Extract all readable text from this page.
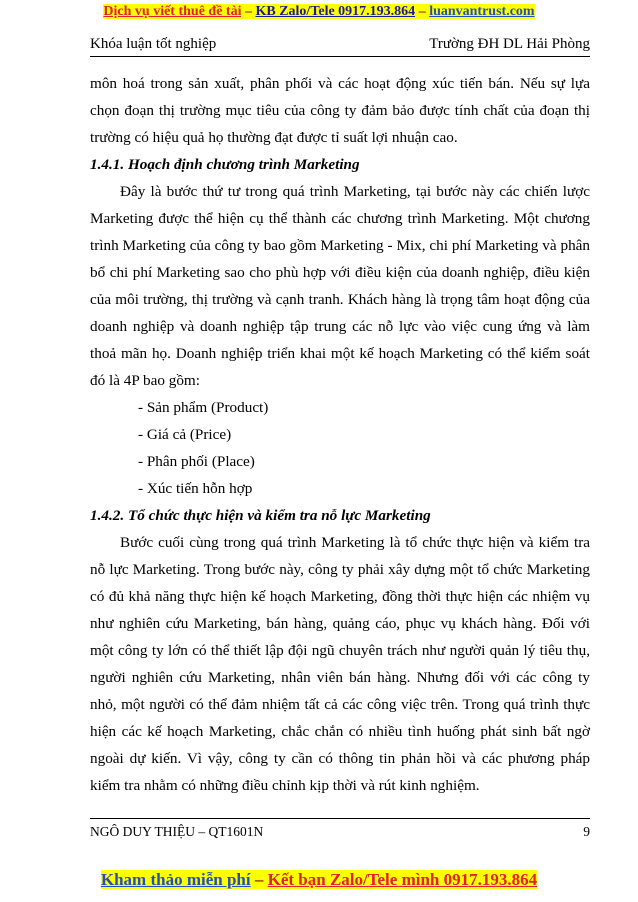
Dịch vụ viết thuê đề tài – KB Zalo/Tele 0917.193.864 – luanvantrust.com
Khóa luận tốt nghiệp	Trường ĐH DL Hải Phòng

môn hoá trong sản xuất, phân phối và các hoạt động xúc tiến bán. Nếu sự lựa chọn đoạn thị trường mục tiêu của công ty đảm bảo được tính chất của đoạn thị trường có hiệu quả họ thường đạt được tỉ suất lợi nhuận cao.

1.4.1. Hoạch định chương trình Marketing

Đây là bước thứ tư trong quá trình Marketing, tại bước này các chiến lược Marketing được thể hiện cụ thể thành các chương trình Marketing. Một chương trình Marketing của công ty bao gồm Marketing - Mix, chi phí Marketing và phân bổ chi phí Marketing sao cho phù hợp với điều kiện của doanh nghiệp, điều kiện của môi trường, thị trường và cạnh tranh. Khách hàng là trọng tâm hoạt động của doanh nghiệp và doanh nghiệp tập trung các nỗ lực vào việc cung ứng và làm thoả mãn họ. Doanh nghiệp triển khai một kế hoạch Marketing có thể kiểm soát đó là 4P bao gồm:

- Sản phẩm (Product)

- Giá cả (Price)

- Phân phối (Place)

- Xúc tiến hỗn hợp

1.4.2. Tổ chức thực hiện và kiểm tra nỗ lực Marketing

Bước cuối cùng trong quá trình Marketing là tổ chức thực hiện và kiểm tra nỗ lực Marketing. Trong bước này, công ty phải xây dựng một tổ chức Marketing có đủ khả năng thực hiện kế hoạch Marketing, đồng thời thực hiện các nhiệm vụ như nghiên cứu Marketing, bán hàng, quảng cáo, phục vụ khách hàng. Đối với một công ty lớn có thể thiết lập đội ngũ chuyên trách như người quản lý tiêu thụ, người nghiên cứu Marketing, nhân viên bán hàng. Nhưng đối với các công ty nhỏ, một người có thể đảm nhiệm tất cả các công việc trên. Trong quá trình thực hiện các kế hoạch Marketing, chắc chắn có nhiều tình huống phát sinh bất ngờ ngoài dự kiến. Vì vậy, công ty cần có thông tin phản hồi và các phương pháp kiểm tra nhằm có những điều chỉnh kịp thời và rút kinh nghiệm.

NGÔ DUY THIỆU – QT1601N	9
Kham thảo miễn phí – Kết bạn Zalo/Tele mình 0917.193.864
